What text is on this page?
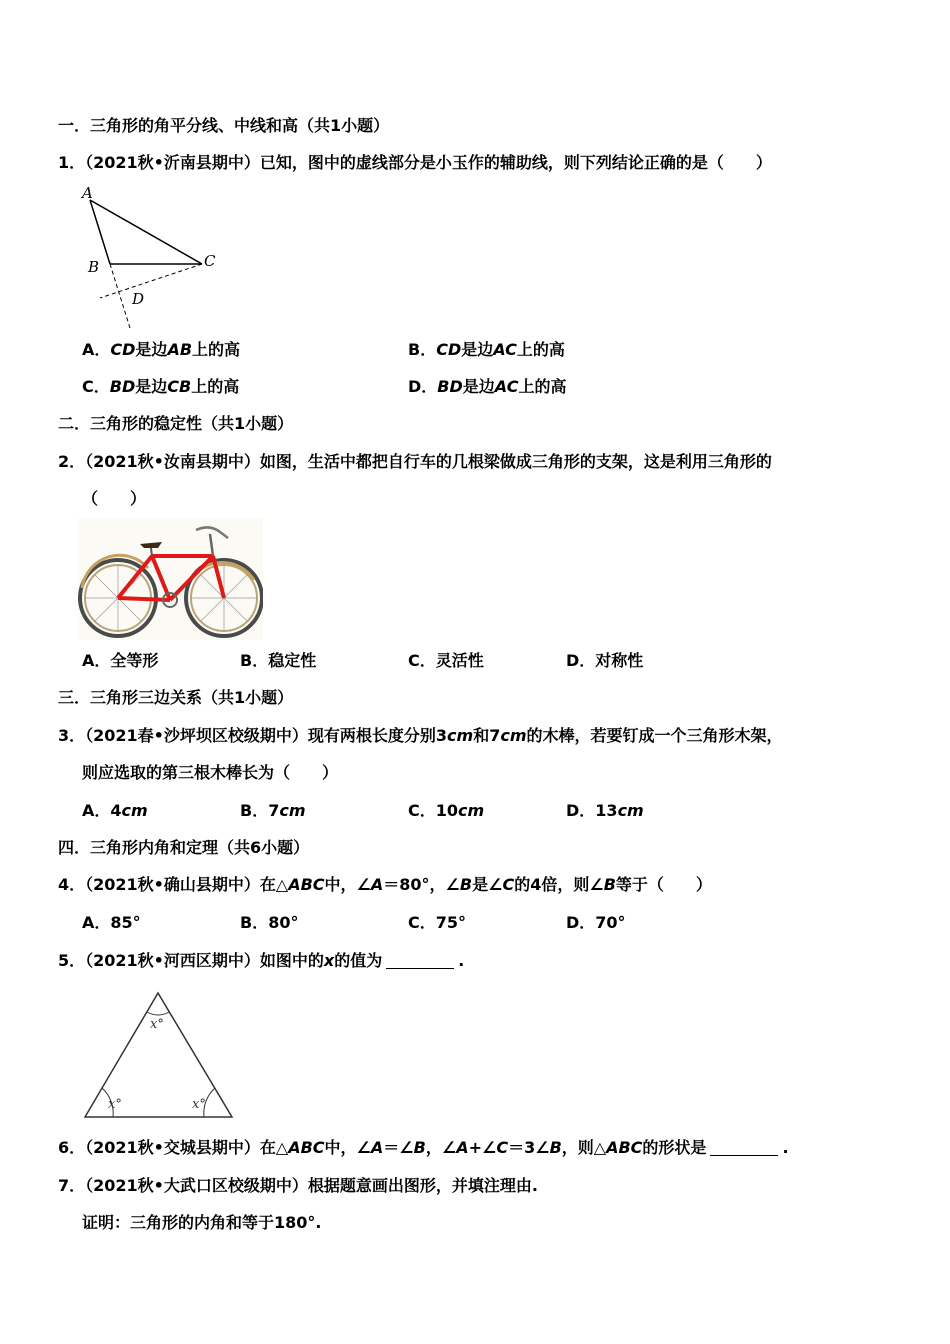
一．三角形的角平分线、中线和高（共1小题）
1．（2021秋•沂南县期中）已知，图中的虚线部分是小玉作的辅助线，则下列结论正确的是（　　）
A
B	C
D
A．CD是边AB上的高	B．CD是边AC上的高
C．BD是边CB上的高	D．BD是边AC上的高
二．三角形的稳定性（共1小题）
2．（2021秋•汝南县期中）如图，生活中都把自行车的几根梁做成三角形的支架，这是利用三角形的
（　　）
A．全等形	B．稳定性	C．灵活性	D．对称性
三．三角形三边关系（共1小题）
3．（2021春•沙坪坝区校级期中）现有两根长度分别3cm和7cm的木棒，若要钉成一个三角形木架，
则应选取的第三根木棒长为（　　）
A．4cm	B．7cm	C．10cm	D．13cm
四．三角形内角和定理（共6小题）
4．（2021秋•确山县期中）在△ABC中，∠A＝80°，∠B是∠C的4倍，则∠B等于（　　）
A．85°	B．80°	C．75°	D．70°
5．（2021秋•河西区期中）如图中的x的值为	.
x°
x°	x°
6．（2021秋•交城县期中）在△ABC中，∠A＝∠B，∠A+∠C＝3∠B，则△ABC的形状是	.
7．（2021秋•大武口区校级期中）根据题意画出图形，并填注理由.
证明：三角形的内角和等于180°.
